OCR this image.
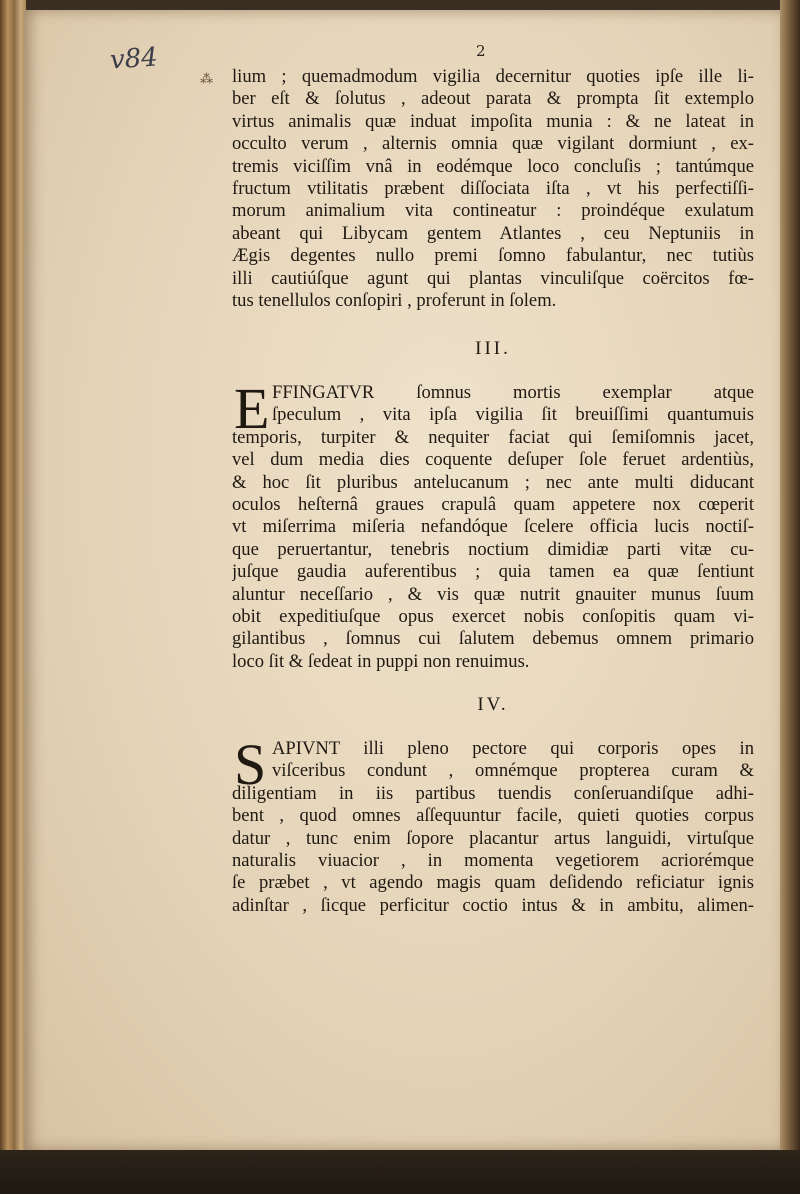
v84	2
⁂ lium ; quemadmodum vigilia decernitur quoties ipſe ille li-
ber eſt & ſolutus , adeout parata & prompta ſit extemplo
virtus animalis quæ induat impoſita munia : & ne lateat in
occulto verum , alternis omnia quæ vigilant dormiunt , ex-
tremis viciſſim vnâ in eodémque loco concluſis ; tantúmque
fructum vtilitatis præbent diſſociata iſta , vt his perfectiſſi-
morum animalium vita contineatur : proindéque exulatum
abeant qui Libycam gentem Atlantes , ceu Neptuniis in
Ægis degentes nullo premi ſomno fabulantur, nec tutiùs
illi cautiúſque agunt qui plantas vinculiſque coërcitos fœ-
tus tenellulos conſopiri , proferunt in ſolem.
III.
E FFINGATVR ſomnus mortis exemplar atque
ſpeculum , vita ipſa vigilia ſit breuiſſimi quantumuis
temporis, turpiter & nequiter faciat qui ſemiſomnis jacet,
vel dum media dies coquente deſuper ſole feruet ardentiùs,
& hoc ſit pluribus antelucanum ; nec ante multi diducant
oculos heſternâ graues crapulâ quam appetere nox cœperit
vt miſerrima miſeria nefandóque ſcelere officia lucis noctiſ-
que peruertantur, tenebris noctium dimidiæ parti vitæ cu-
juſque gaudia auferentibus ; quia tamen ea quæ ſentiunt
aluntur neceſſario , & vis quæ nutrit gnauiter munus ſuum
obit expeditiuſque opus exercet nobis conſopitis quam vi-
gilantibus , ſomnus cui ſalutem debemus omnem primario
loco ſit & ſedeat in puppi non renuimus.
IV.
S APIVNT illi pleno pectore qui corporis opes in
viſceribus condunt , omnémque propterea curam &
diligentiam in iis partibus tuendis conſeruandiſque adhi-
bent , quod omnes aſſequuntur facile, quieti quoties corpus
datur , tunc enim ſopore placantur artus languidi, virtuſque
naturalis viuacior , in momenta vegetiorem acriorémque
ſe præbet , vt agendo magis quam deſidendo reficiatur ignis
adinſtar , ſicque perficitur coctio intus & in ambitu, alimen-
